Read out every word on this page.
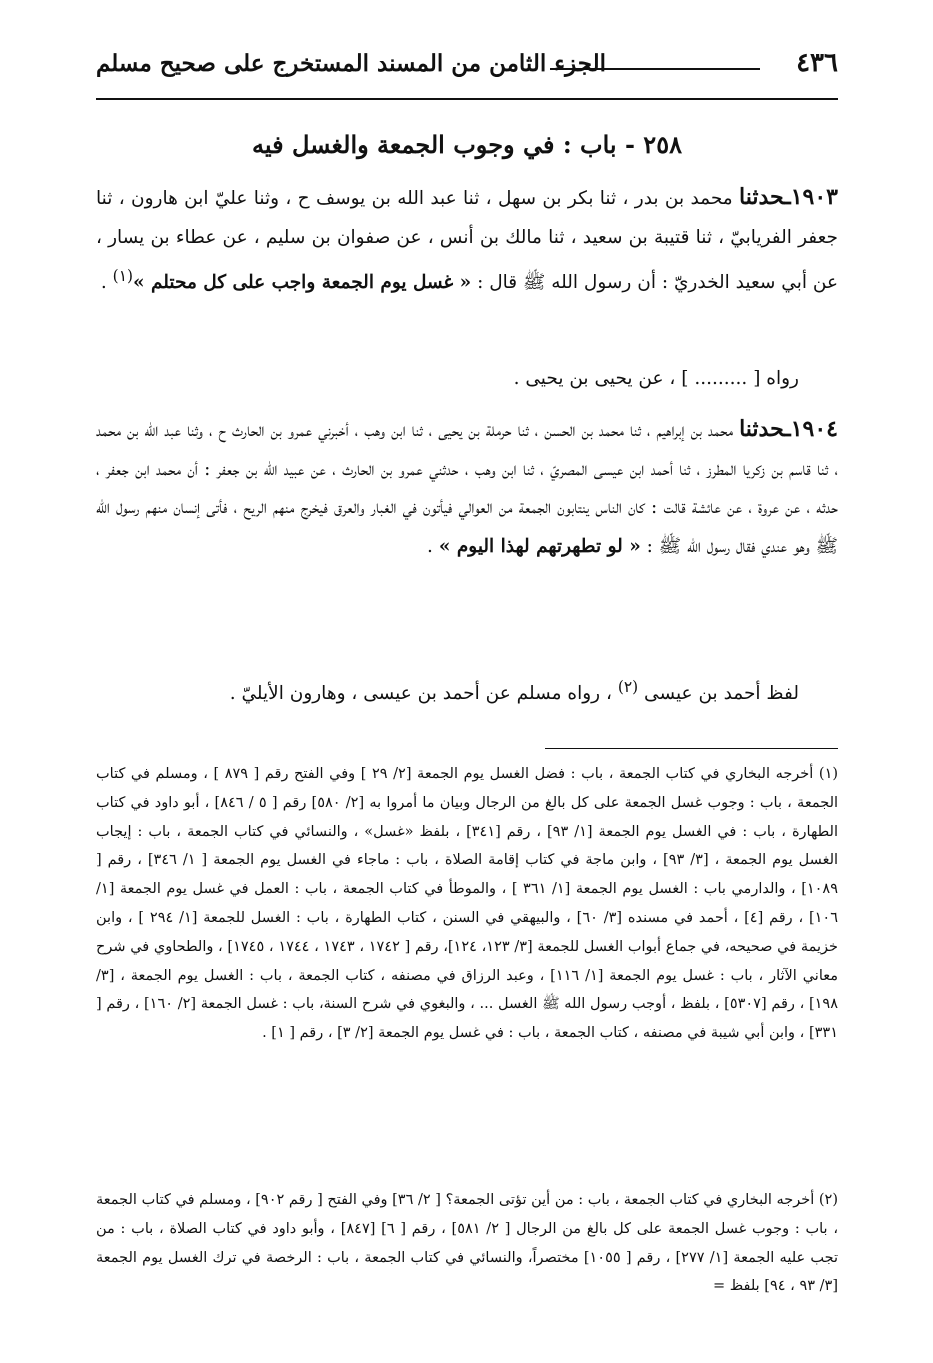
٤٣٦
الجزء الثامن من المسند المستخرج على صحيح مسلم
٢٥٨ - باب : في وجوب الجمعة والغسل فيه
١٩٠٣ـحدثنا محمد بن بدر ، ثنا بكر بن سهل ، ثنا عبد الله بن يوسف ح ، وثنا عليّ ابن هارون ، ثنا جعفر الفريابيّ ، ثنا قتيبة بن سعيد ، ثنا مالك بن أنس ، عن صفوان بن سليم ، عن عطاء بن يسار ، عن أبي سعيد الخدريّ : أن رسول الله ﷺ قال : « غسل يوم الجمعة واجب على كل محتلم »$^{(١)}$ .
رواه [ ......... ] ، عن يحيى بن يحيى .
١٩٠٤ـحدثنا محمد بن إبراهيم ، ثنا محمد بن الحسن ، ثنا حرملة بن يحيى ، ثنا ابن وهب ، أخبرني عمرو بن الحارث ح ، وثنا عبد الله بن محمد ، ثنا قاسم بن زكريا المطرز ، ثنا أحمد ابن عيسى المصريّ ، ثنا ابن وهب ، حدثني عمرو بن الحارث ، عن عبيد الله بن جعفر : أن محمد ابن جعفر ، حدثه ، عن عروة ، عن عائشة قالت : كان الناس ينتابون الجمعة من العوالي فيأتون في الغبار والعرق فيخرج منهم الريح ، فأتى إنسان منهم رسول الله ﷺ وهو عندي فقال رسول الله ﷺ : « لو تطهرتهم لهذا اليوم » .
لفظ أحمد بن عيسى $^{(٢)}$ ، رواه مسلم عن أحمد بن عيسى ، وهارون الأيليّ .
(١) أخرجه البخاري في كتاب الجمعة ، باب : فضل الغسل يوم الجمعة [٢/ ٢٩ ] وفي الفتح رقم [ ٨٧٩ ] ، ومسلم في كتاب الجمعة ، باب : وجوب غسل الجمعة على كل بالغ من الرجال وبيان ما أمروا به [٢/ ٥٨٠] رقم [ ٥ / ٨٤٦] ، أبو داود في كتاب الطهارة ، باب : في الغسل يوم الجمعة [١/ ٩٣] ، رقم [٣٤١] ، بلفظ «غسل» ، والنسائي في كتاب الجمعة ، باب : إيجاب الغسل يوم الجمعة ، [٣/ ٩٣] ، وابن ماجة في كتاب إقامة الصلاة ، باب : ماجاء في الغسل يوم الجمعة [ ١/ ٣٤٦] ، رقم [ ١٠٨٩] ، والدارمي باب : الغسل يوم الجمعة [١/ ٣٦١ ] ، والموطأ في كتاب الجمعة ، باب : العمل في غسل يوم الجمعة [١/ ١٠٦] ، رقم [٤] ، أحمد في مسنده [٣/ ٦٠] ، والبيهقي في السنن ، كتاب الطهارة ، باب : الغسل للجمعة [١/ ٢٩٤ ] ، وابن خزيمة في صحيحه، في جماع أبواب الغسل للجمعة [٣/ ١٢٣، ١٢٤]، رقم [ ١٧٤٢ ، ١٧٤٣ ، ١٧٤٤ ، ١٧٤٥] ، والطحاوي في شرح معاني الآثار ، باب : غسل يوم الجمعة [١/ ١١٦] ، وعبد الرزاق في مصنفه ، كتاب الجمعة ، باب : الغسل يوم الجمعة ، [٣/ ١٩٨] ، رقم [٥٣٠٧] ، بلفظ ، أوجب رسول الله ﷺ الغسل ... ، والبغوي في شرح السنة، باب : غسل الجمعة [٢/ ١٦٠] ، رقم [ ٣٣١] ، وابن أبي شيبة في مصنفه ، كتاب الجمعة ، باب : في غسل يوم الجمعة [٢/ ٣] ، رقم [ ١] .
(٢) أخرجه البخاري في كتاب الجمعة ، باب : من أين تؤتى الجمعة؟ [ ٢/ ٣٦] وفي الفتح [ رقم ٩٠٢] ، ومسلم في كتاب الجمعة ، باب : وجوب غسل الجمعة على كل بالغ من الرجال [ ٢/ ٥٨١] ، رقم [ ٦] [٨٤٧] ، وأبو داود في كتاب الصلاة ، باب : من تجب عليه الجمعة [١/ ٢٧٧] ، رقم [ ١٠٥٥] مختصراً، والنسائي في كتاب الجمعة ، باب : الرخصة في ترك الغسل يوم الجمعة [٣/ ٩٣ ، ٩٤] بلفظ =
